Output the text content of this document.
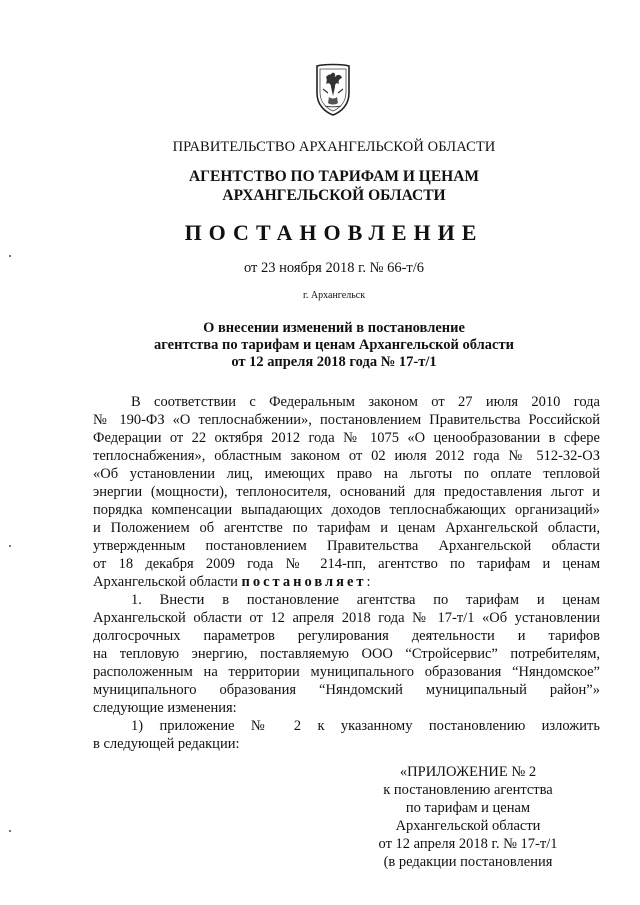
ПРАВИТЕЛЬСТВО АРХАНГЕЛЬСКОЙ ОБЛАСТИ
АГЕНТСТВО ПО ТАРИФАМ И ЦЕНАМ
АРХАНГЕЛЬСКОЙ ОБЛАСТИ
ПОСТАНОВЛЕНИЕ
от 23 ноября 2018 г. № 66-т/6
г. Архангельск
О внесении изменений в постановление
агентства по тарифам и ценам Архангельской области
от 12 апреля 2018 года № 17-т/1
В соответствии с Федеральным законом от 27 июля 2010 года
№ 190-ФЗ «О теплоснабжении», постановлением Правительства Российской
Федерации от 22 октября 2012 года № 1075 «О ценообразовании в сфере
теплоснабжения», областным законом от 02 июля 2012 года № 512-32-ОЗ
«Об установлении лиц, имеющих право на льготы по оплате тепловой
энергии (мощности), теплоносителя, оснований для предоставления льгот и
порядка компенсации выпадающих доходов теплоснабжающих организаций»
и Положением об агентстве по тарифам и ценам Архангельской области,
утвержденным постановлением Правительства Архангельской области
от 18 декабря 2009 года № 214-пп, агентство по тарифам и ценам
Архангельской области постановляет:
1. Внести в постановление агентства по тарифам и ценам
Архангельской области от 12 апреля 2018 года № 17-т/1 «Об установлении
долгосрочных параметров регулирования деятельности и тарифов
на тепловую энергию, поставляемую ООО “Стройсервис” потребителям,
расположенным на территории муниципального образования “Няндомское”
муниципального образования “Няндомский муниципальный район”»
следующие изменения:
1) приложение № 2 к указанному постановлению изложить
в следующей редакции:
«ПРИЛОЖЕНИЕ № 2
к постановлению агентства
по тарифам и ценам
Архангельской области
от 12 апреля 2018 г. № 17-т/1
(в редакции постановления
